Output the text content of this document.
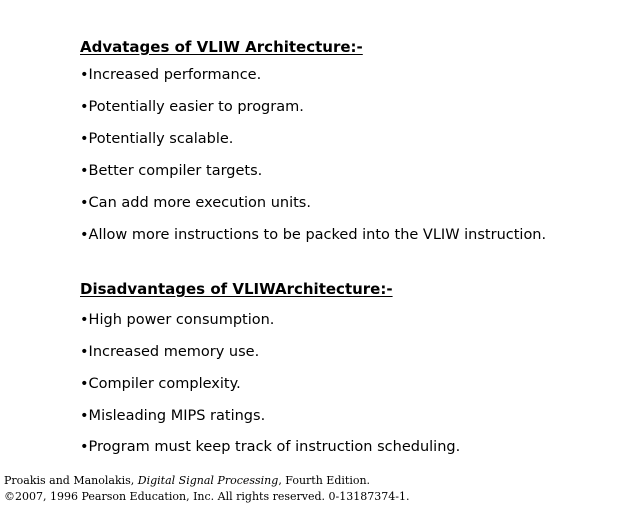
Advatages of VLIW Architecture:-
•Increased performance.
•Potentially easier to program.
•Potentially scalable.
•Better compiler targets.
•Can add more execution units.
•Allow more instructions to be packed into the VLIW instruction.
Disadvantages of VLIWArchitecture:-
•High power consumption.
•Increased memory use.
•Compiler complexity.
•Misleading MIPS ratings.
•Program must keep track of instruction scheduling.
Proakis and Manolakis, Digital Signal Processing, Fourth Edition.
©2007, 1996 Pearson Education, Inc. All rights reserved. 0-13187374-1.
